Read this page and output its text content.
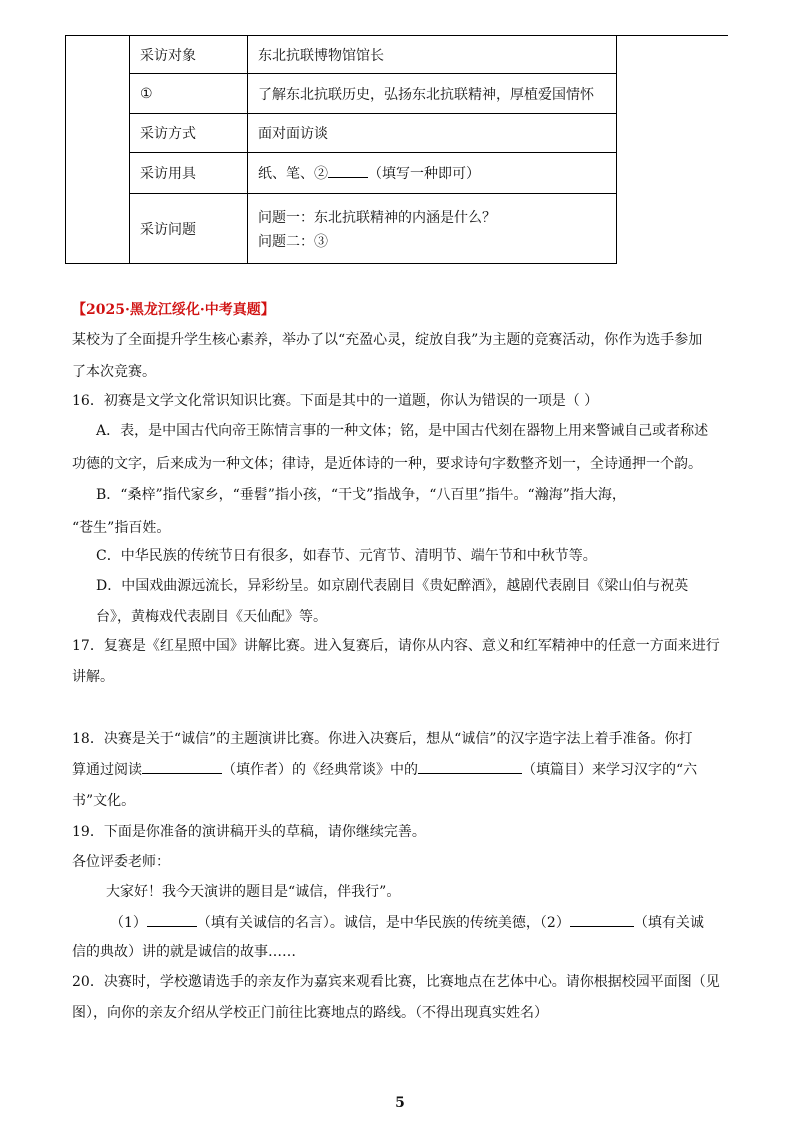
	采访对象	东北抗联博物馆馆长
	①	了解东北抗联历史，弘扬东北抗联精神，厚植爱国情怀
	采访方式	面对面访谈
	采访用具	纸、笔、② （填写一种即可）
	采访问题	问题一：东北抗联精神的内涵是什么？
问题二：③
【2025·黑龙江绥化·中考真题】
某校为了全面提升学生核心素养，举办了以“充盈心灵，绽放自我”为主题的竞赛活动，你作为选手参加
了本次竞赛。
16．初赛是文学文化常识知识比赛。下面是其中的一道题，你认为错误的一项是（ ）
A．表，是中国古代向帝王陈情言事的一种文体；铭，是中国古代刻在器物上用来警诫自己或者称述
功德的文字，后来成为一种文体；律诗，是近体诗的一种，要求诗句字数整齐划一，全诗通押一个韵。
B．“桑梓”指代家乡，“垂髫”指小孩，“干戈”指战争，“八百里”指牛。“瀚海”指大海，
“苍生”指百姓。
C．中华民族的传统节日有很多，如春节、元宵节、清明节、端午节和中秋节等。
D．中国戏曲源远流长，异彩纷呈。如京剧代表剧目《贵妃醉酒》，越剧代表剧目《梁山伯与祝英
台》，黄梅戏代表剧目《天仙配》等。
17．复赛是《红星照中国》讲解比赛。进入复赛后，请你从内容、意义和红军精神中的任意一方面来进行
讲解。
18．决赛是关于“诚信”的主题演讲比赛。你进入决赛后，想从“诚信”的汉字造字法上着手准备。你打
算通过阅读	（填作者）的《经典常谈》中的	（填篇目）来学习汉字的“六
书”文化。
19．下面是你准备的演讲稿开头的草稿，请你继续完善。
各位评委老师：
大家好！我今天演讲的题目是“诚信，伴我行”。
（1）	（填有关诚信的名言）。诚信，是中华民族的传统美德，（2）	（填有关诚
信的典故）讲的就是诚信的故事……
20．决赛时，学校邀请选手的亲友作为嘉宾来观看比赛，比赛地点在艺体中心。请你根据校园平面图（见
图），向你的亲友介绍从学校正门前往比赛地点的路线。（不得出现真实姓名）
5
